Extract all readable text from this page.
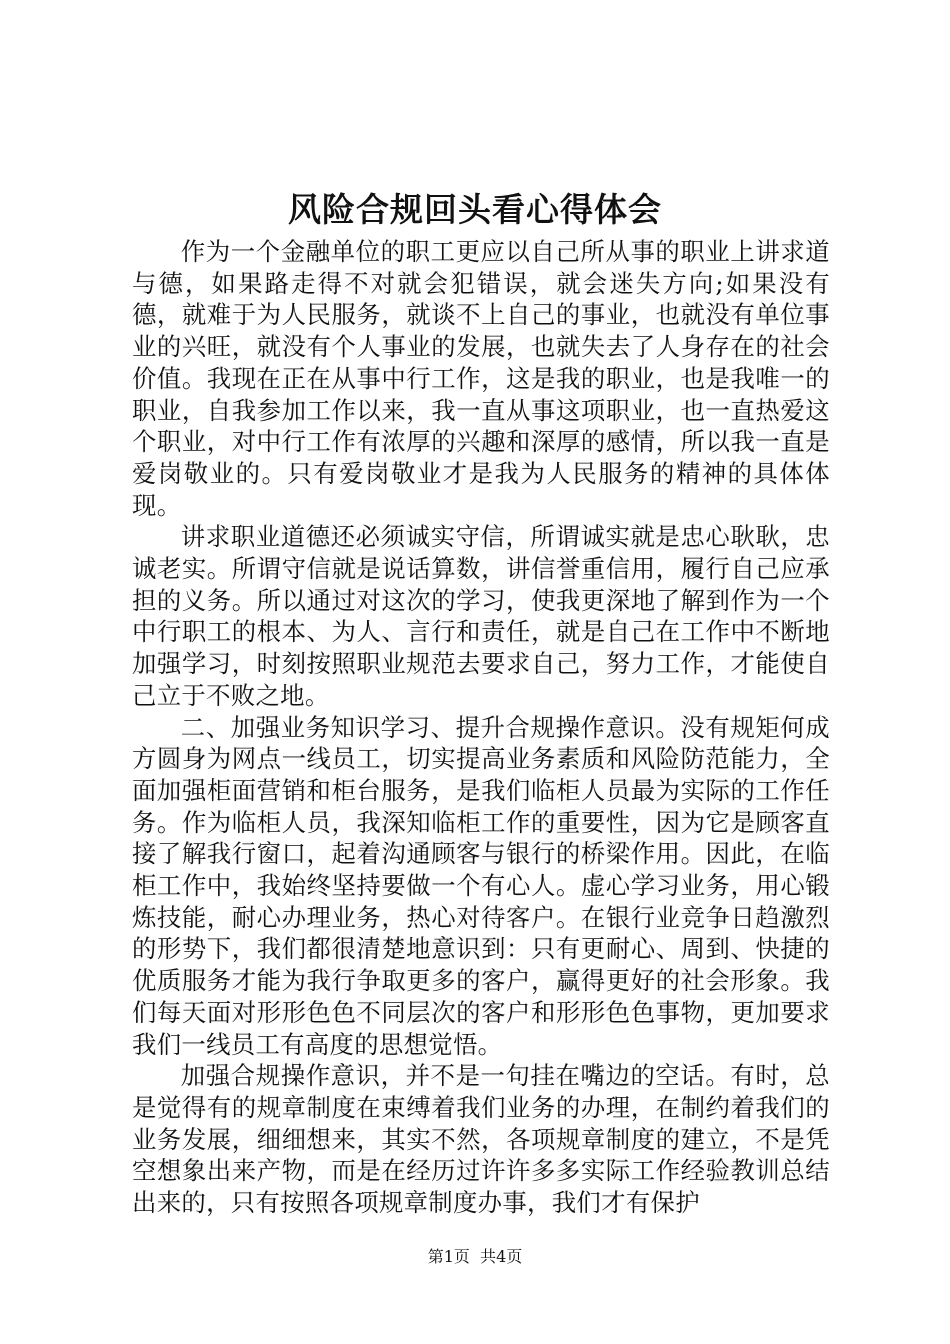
风险合规回头看心得体会

作为一个金融单位的职工更应以自己所从事的职业上讲求道与德，如果路走得不对就会犯错误，就会迷失方向;如果没有德，就难于为人民服务，就谈不上自己的事业，也就没有单位事业的兴旺，就没有个人事业的发展，也就失去了人身存在的社会价值。我现在正在从事中行工作，这是我的职业，也是我唯一的职业，自我参加工作以来，我一直从事这项职业，也一直热爱这个职业，对中行工作有浓厚的兴趣和深厚的感情，所以我一直是爱岗敬业的。只有爱岗敬业才是我为人民服务的精神的具体体现。

讲求职业道德还必须诚实守信，所谓诚实就是忠心耿耿，忠诚老实。所谓守信就是说话算数，讲信誉重信用，履行自己应承担的义务。所以通过对这次的学习，使我更深地了解到作为一个中行职工的根本、为人、言行和责任，就是自己在工作中不断地加强学习，时刻按照职业规范去要求自己，努力工作，才能使自己立于不败之地。

二、加强业务知识学习、提升合规操作意识。没有规矩何成方圆身为网点一线员工，切实提高业务素质和风险防范能力，全面加强柜面营销和柜台服务，是我们临柜人员最为实际的工作任务。作为临柜人员，我深知临柜工作的重要性，因为它是顾客直接了解我行窗口，起着沟通顾客与银行的桥梁作用。因此，在临柜工作中，我始终坚持要做一个有心人。虚心学习业务，用心锻炼技能，耐心办理业务，热心对待客户。在银行业竞争日趋激烈的形势下，我们都很清楚地意识到：只有更耐心、周到、快捷的优质服务才能为我行争取更多的客户，赢得更好的社会形象。我们每天面对形形色色不同层次的客户和形形色色事物，更加要求我们一线员工有高度的思想觉悟。

加强合规操作意识，并不是一句挂在嘴边的空话。有时，总是觉得有的规章制度在束缚着我们业务的办理，在制约着我们的业务发展，细细想来，其实不然，各项规章制度的建立，不是凭空想象出来产物，而是在经历过许许多多实际工作经验教训总结出来的，只有按照各项规章制度办事，我们才有保护

第1页 共4页
